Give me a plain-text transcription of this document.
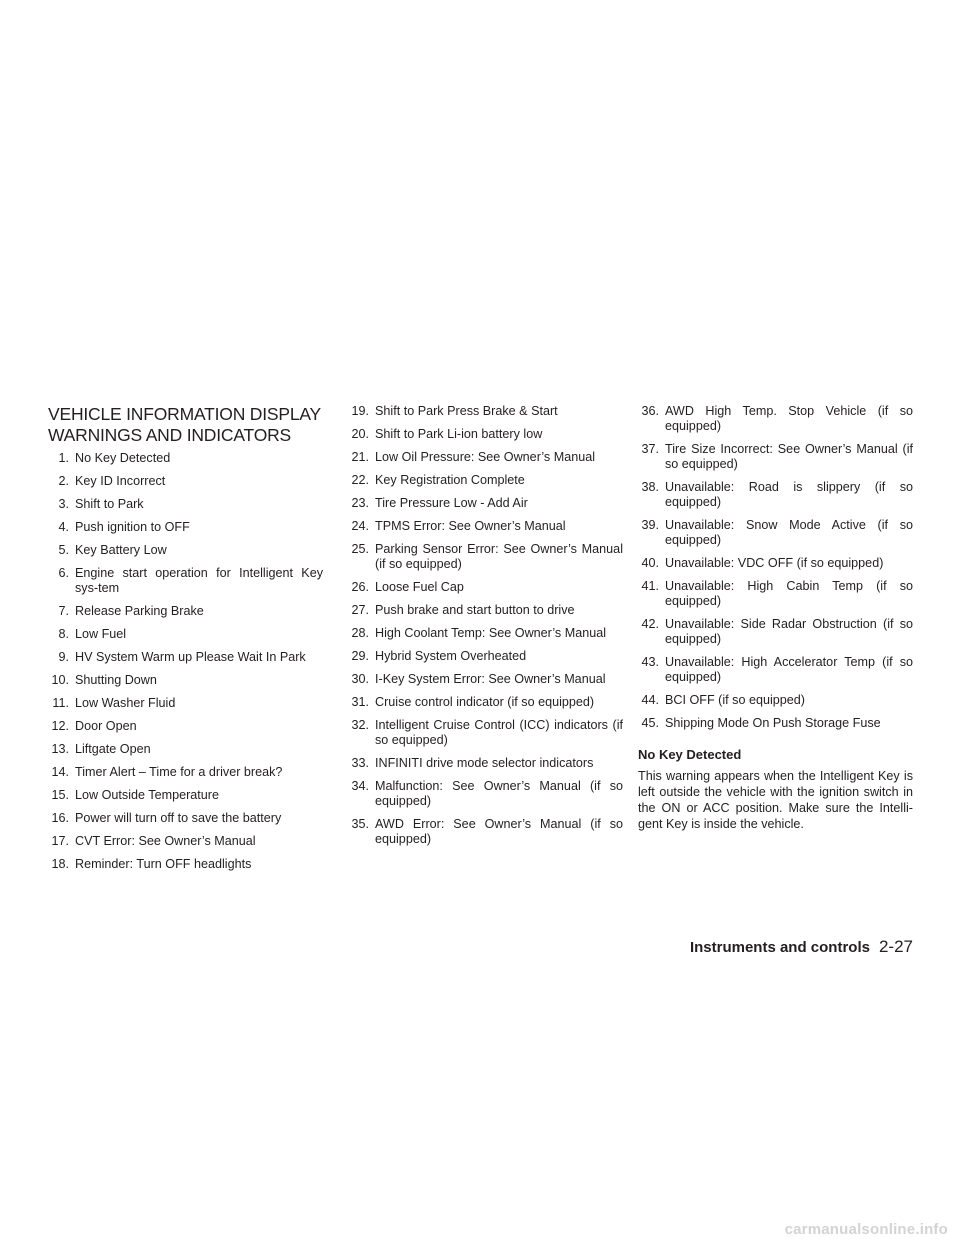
VEHICLE INFORMATION DISPLAY
WARNINGS AND INDICATORS
1. No Key Detected
2. Key ID Incorrect
3. Shift to Park
4. Push ignition to OFF
5. Key Battery Low
6. Engine start operation for Intelligent Key sys-tem
7. Release Parking Brake
8. Low Fuel
9. HV System Warm up Please Wait In Park
10. Shutting Down
11. Low Washer Fluid
12. Door Open
13. Liftgate Open
14. Timer Alert – Time for a driver break?
15. Low Outside Temperature
16. Power will turn off to save the battery
17. CVT Error: See Owner’s Manual
18. Reminder: Turn OFF headlights
19. Shift to Park Press Brake & Start
20. Shift to Park Li-ion battery low
21. Low Oil Pressure: See Owner’s Manual
22. Key Registration Complete
23. Tire Pressure Low - Add Air
24. TPMS Error: See Owner’s Manual
25. Parking Sensor Error: See Owner’s Manual (if so equipped)
26. Loose Fuel Cap
27. Push brake and start button to drive
28. High Coolant Temp: See Owner’s Manual
29. Hybrid System Overheated
30. I-Key System Error: See Owner’s Manual
31. Cruise control indicator (if so equipped)
32. Intelligent Cruise Control (ICC) indicators (if so equipped)
33. INFINITI drive mode selector indicators
34. Malfunction: See Owner’s Manual (if so equipped)
35. AWD Error: See Owner’s Manual (if so equipped)
36. AWD High Temp. Stop Vehicle (if so equipped)
37. Tire Size Incorrect: See Owner’s Manual (if so equipped)
38. Unavailable: Road is slippery (if so equipped)
39. Unavailable: Snow Mode Active (if so equipped)
40. Unavailable: VDC OFF (if so equipped)
41. Unavailable: High Cabin Temp (if so equipped)
42. Unavailable: Side Radar Obstruction (if so equipped)
43. Unavailable: High Accelerator Temp (if so equipped)
44. BCI OFF (if so equipped)
45. Shipping Mode On Push Storage Fuse
No Key Detected

This warning appears when the Intelligent Key is left outside the vehicle with the ignition switch in the ON or ACC position. Make sure the Intelli-gent Key is inside the vehicle.

Instruments and controls 2-27
carmanualsonline.info
